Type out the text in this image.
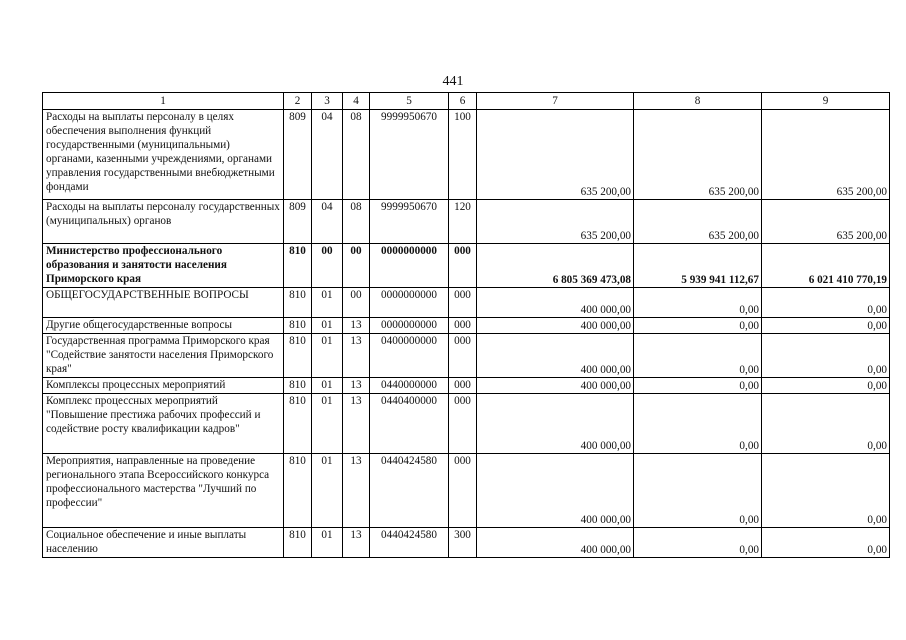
441
1	2	3	4	5	6	7	8	9
Расходы на выплаты персоналу в целях обеспечения выполнения функций государственными (муниципальными) органами, казенными учреждениями, органами управления государственными внебюджетными фондами	809	04	08	9999950670	100	635 200,00	635 200,00	635 200,00
Расходы на выплаты персоналу государственных (муниципальных) органов	809	04	08	9999950670	120	635 200,00	635 200,00	635 200,00
Министерство профессионального образования и занятости населения Приморского края	810	00	00	0000000000	000	6 805 369 473,08	5 939 941 112,67	6 021 410 770,19
ОБЩЕГОСУДАРСТВЕННЫЕ ВОПРОСЫ	810	01	00	0000000000	000	400 000,00	0,00	0,00
Другие общегосударственные вопросы	810	01	13	0000000000	000	400 000,00	0,00	0,00
Государственная программа Приморского края "Содействие занятости населения Приморского края"	810	01	13	0400000000	000	400 000,00	0,00	0,00
Комплексы процессных мероприятий	810	01	13	0440000000	000	400 000,00	0,00	0,00
Комплекс процессных мероприятий "Повышение престижа рабочих профессий и содействие росту квалификации кадров"	810	01	13	0440400000	000	400 000,00	0,00	0,00
Мероприятия, направленные на проведение регионального этапа Всероссийского конкурса профессионального мастерства "Лучший по профессии"	810	01	13	0440424580	000	400 000,00	0,00	0,00
Социальное обеспечение и иные выплаты населению	810	01	13	0440424580	300	400 000,00	0,00	0,00
